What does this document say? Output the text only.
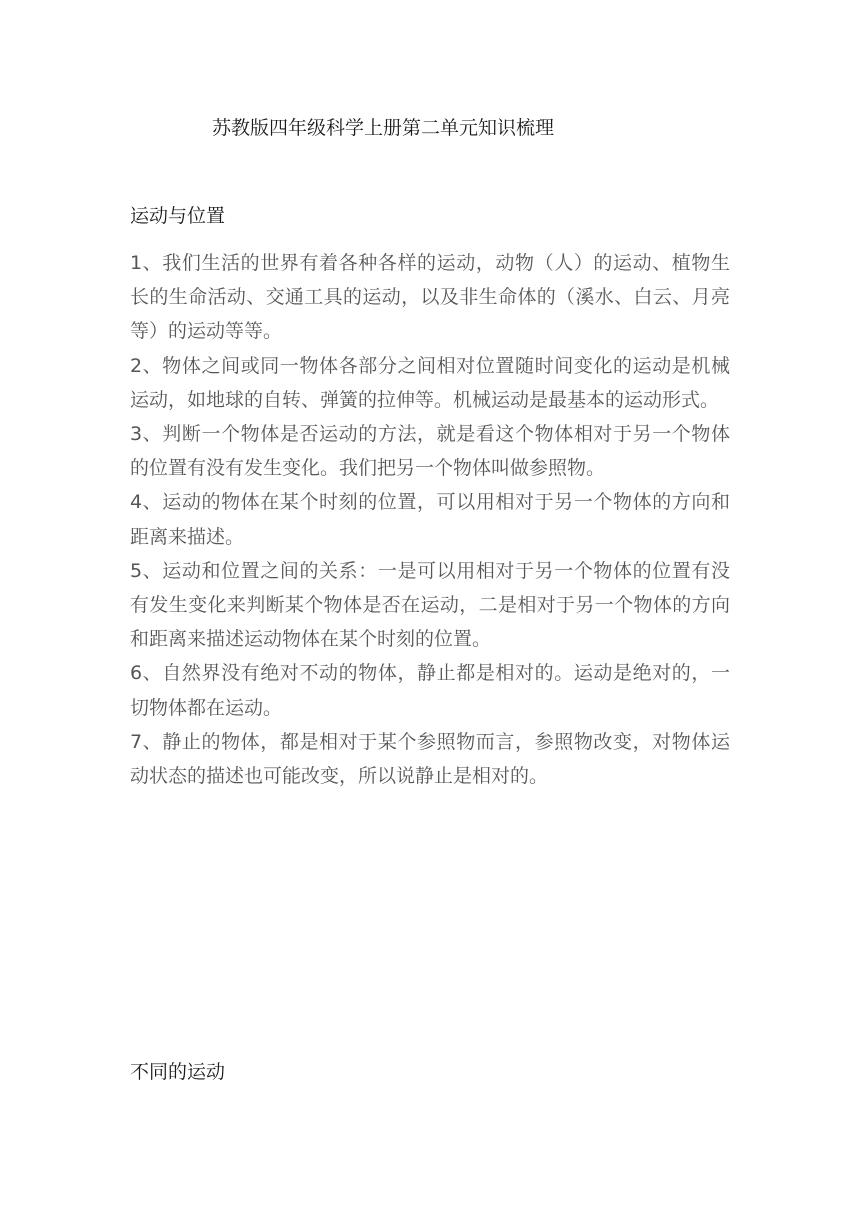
苏教版四年级科学上册第二单元知识梳理
运动与位置

1、我们生活的世界有着各种各样的运动，动物（人）的运动、植物生长的生命活动、交通工具的运动，以及非生命体的（溪水、白云、月亮等）的运动等等。

2、物体之间或同一物体各部分之间相对位置随时间变化的运动是机械运动，如地球的自转、弹簧的拉伸等。机械运动是最基本的运动形式。

3、判断一个物体是否运动的方法，就是看这个物体相对于另一个物体的位置有没有发生变化。我们把另一个物体叫做参照物。

4、运动的物体在某个时刻的位置，可以用相对于另一个物体的方向和距离来描述。

5、运动和位置之间的关系：一是可以用相对于另一个物体的位置有没有发生变化来判断某个物体是否在运动，二是相对于另一个物体的方向和距离来描述运动物体在某个时刻的位置。

6、自然界没有绝对不动的物体，静止都是相对的。运动是绝对的，一切物体都在运动。

7、静止的物体，都是相对于某个参照物而言，参照物改变，对物体运动状态的描述也可能改变，所以说静止是相对的。

不同的运动
